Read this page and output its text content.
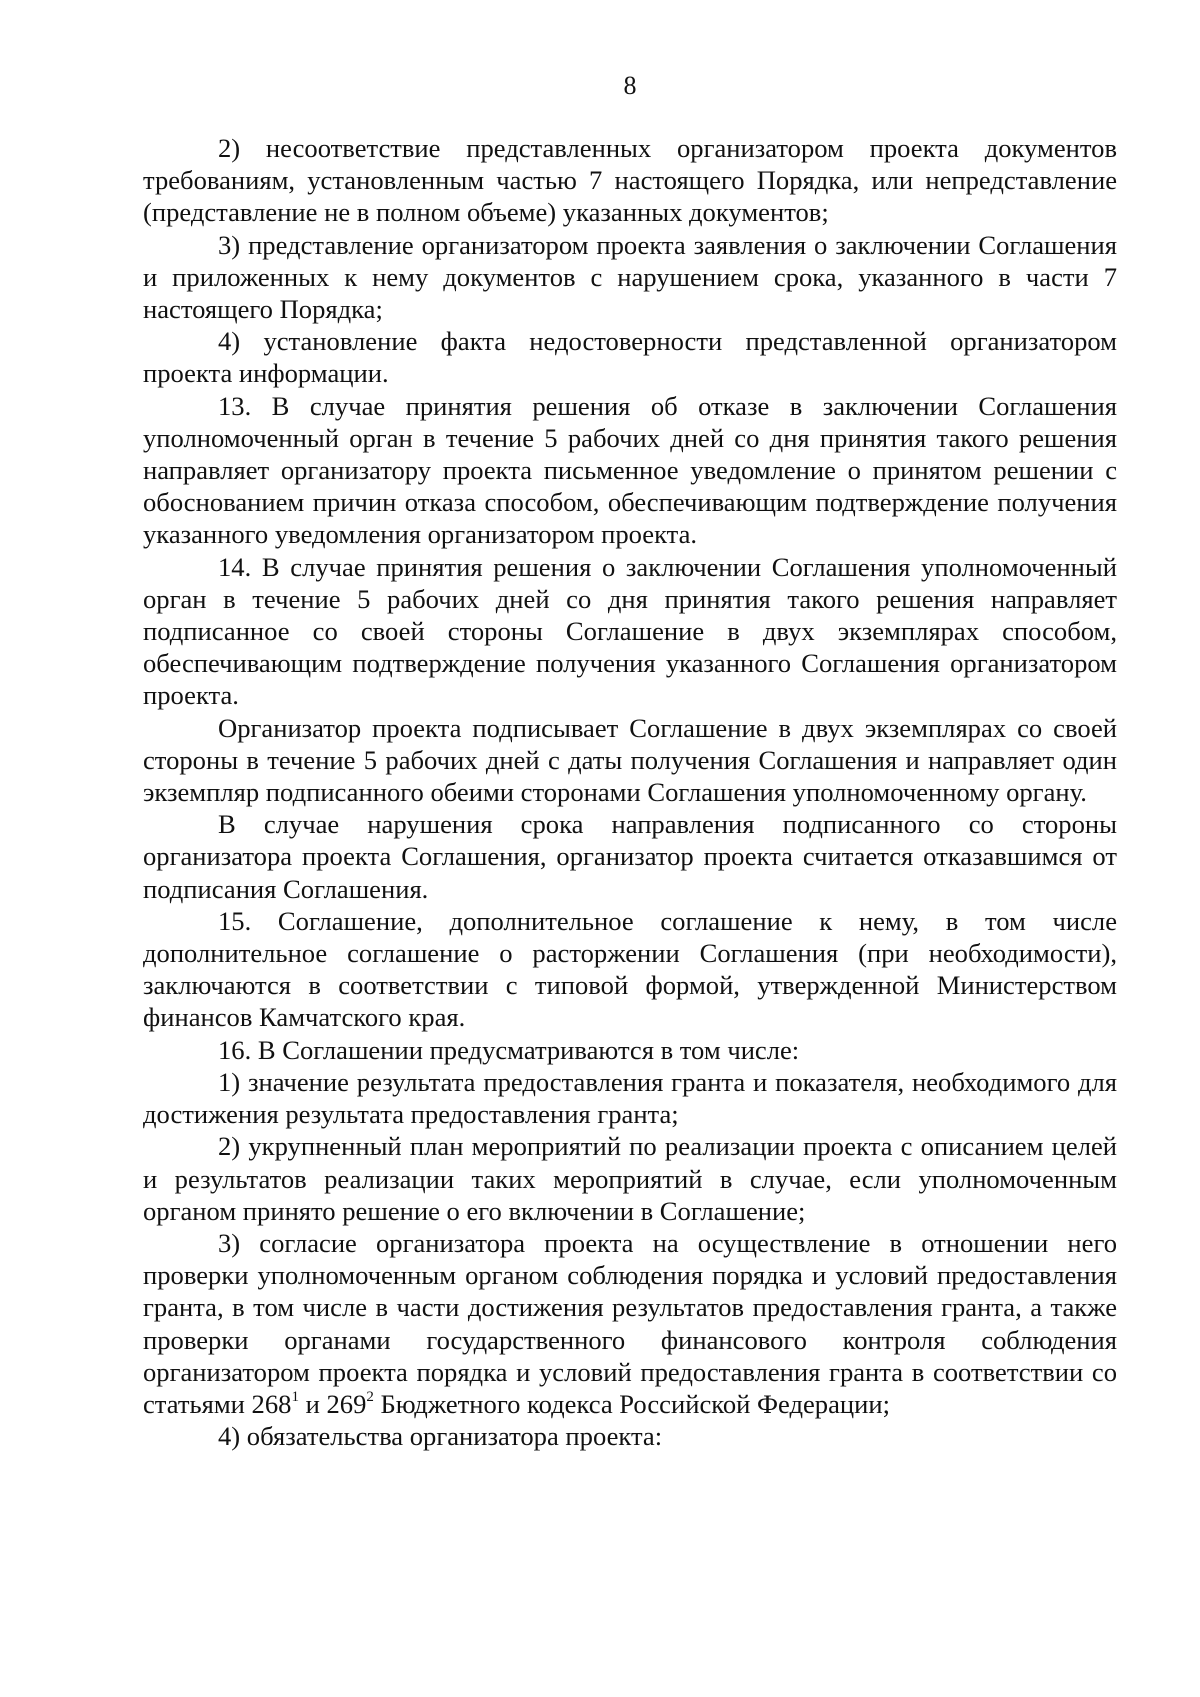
8

2) несоответствие представленных организатором проекта документов требованиям, установленным частью 7 настоящего Порядка, или непредставление (представление не в полном объеме) указанных документов;

3) представление организатором проекта заявления о заключении Соглашения и приложенных к нему документов с нарушением срока, указанного в части 7 настоящего Порядка;

4) установление факта недостоверности представленной организатором проекта информации.

13. В случае принятия решения об отказе в заключении Соглашения уполномоченный орган в течение 5 рабочих дней со дня принятия такого решения направляет организатору проекта письменное уведомление о принятом решении с обоснованием причин отказа способом, обеспечивающим подтверждение получения указанного уведомления организатором проекта.

14. В случае принятия решения о заключении Соглашения уполномоченный орган в течение 5 рабочих дней со дня принятия такого решения направляет подписанное со своей стороны Соглашение в двух экземплярах способом, обеспечивающим подтверждение получения указанного Соглашения организатором проекта.

Организатор проекта подписывает Соглашение в двух экземплярах со своей стороны в течение 5 рабочих дней с даты получения Соглашения и направляет один экземпляр подписанного обеими сторонами Соглашения уполномоченному органу.

В случае нарушения срока направления подписанного со стороны организатора проекта Соглашения, организатор проекта считается отказавшимся от подписания Соглашения.

15. Соглашение, дополнительное соглашение к нему, в том числе дополнительное соглашение о расторжении Соглашения (при необходимости), заключаются в соответствии с типовой формой, утвержденной Министерством финансов Камчатского края.

16. В Соглашении предусматриваются в том числе:

1) значение результата предоставления гранта и показателя, необходимого для достижения результата предоставления гранта;

2) укрупненный план мероприятий по реализации проекта с описанием целей и результатов реализации таких мероприятий в случае, если уполномоченным органом принято решение о его включении в Соглашение;

3) согласие организатора проекта на осуществление в отношении него проверки уполномоченным органом соблюдения порядка и условий предоставления гранта, в том числе в части достижения результатов предоставления гранта, а также проверки органами государственного финансового контроля соблюдения организатором проекта порядка и условий предоставления гранта в соответствии со статьями $268^1$ и $269^2$ Бюджетного кодекса Российской Федерации;

4) обязательства организатора проекта:
